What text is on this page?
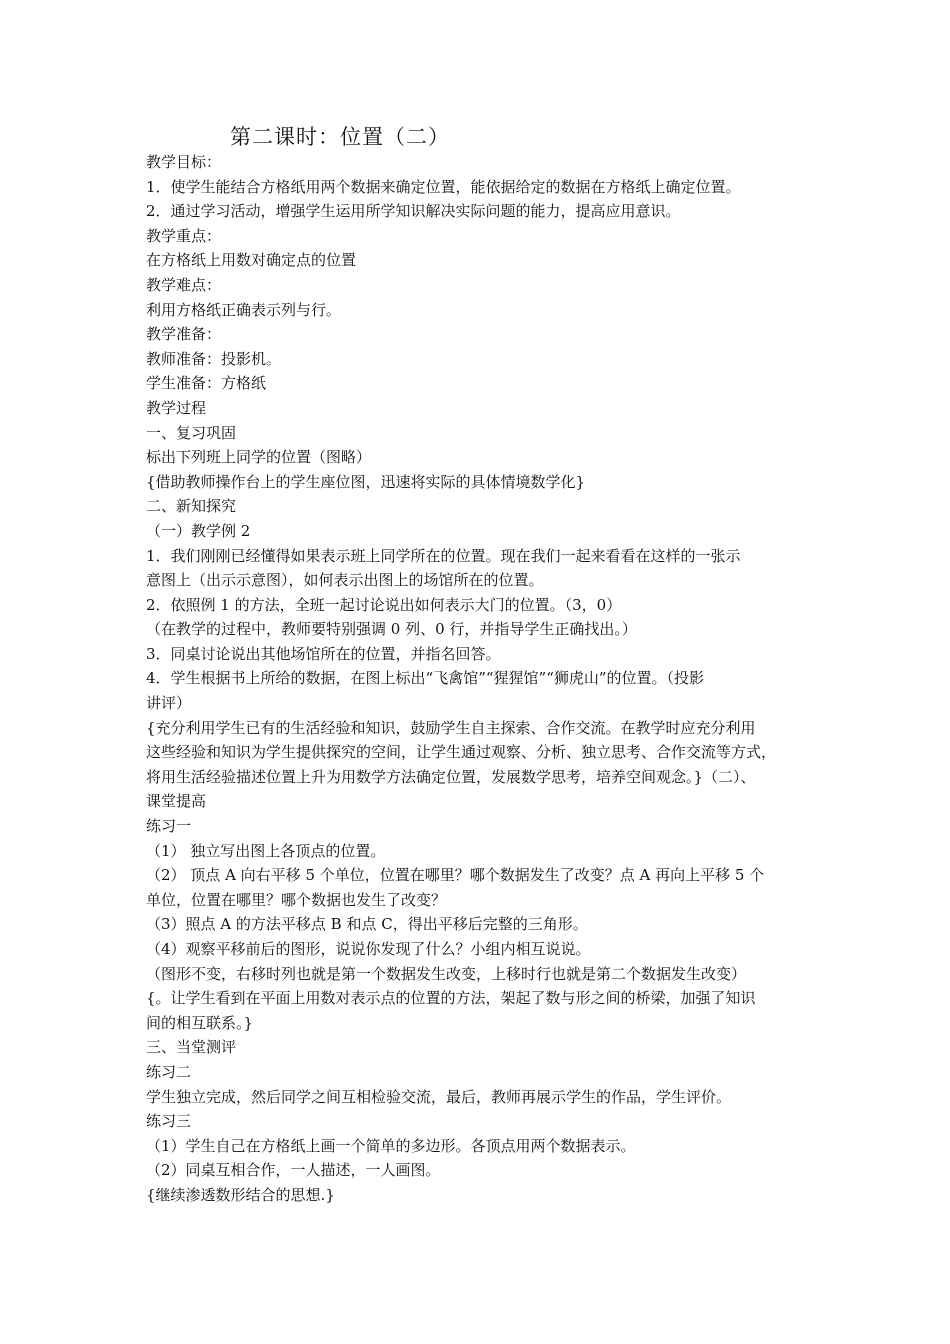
第二课时：位置（二）
教学目标：
1．使学生能结合方格纸用两个数据来确定位置，能依据给定的数据在方格纸上确定位置。
2．通过学习活动，增强学生运用所学知识解决实际问题的能力，提高应用意识。
教学重点：
在方格纸上用数对确定点的位置
教学难点：
利用方格纸正确表示列与行。
教学准备：
教师准备：投影机。
学生准备：方格纸
教学过程
一、复习巩固
标出下列班上同学的位置（图略）
{借助教师操作台上的学生座位图，迅速将实际的具体情境数学化}
二、新知探究
（一）教学例 2
1．我们刚刚已经懂得如果表示班上同学所在的位置。现在我们一起来看看在这样的一张示
意图上（出示示意图），如何表示出图上的场馆所在的位置。
2．依照例 1 的方法，全班一起讨论说出如何表示大门的位置。（3，0）
（在教学的过程中，教师要特别强调 0 列、0 行，并指导学生正确找出。）
3．同桌讨论说出其他场馆所在的位置，并指名回答。
4．学生根据书上所给的数据，在图上标出“飞禽馆”“猩猩馆”“狮虎山”的位置。（投影
讲评）
{充分利用学生已有的生活经验和知识，鼓励学生自主探索、合作交流。在教学时应充分利用
这些经验和知识为学生提供探究的空间，让学生通过观察、分析、独立思考、合作交流等方式，
将用生活经验描述位置上升为用数学方法确定位置，发展数学思考，培养空间观念。}（二）、
课堂提高
练习一
（1） 独立写出图上各顶点的位置。
（2） 顶点 A 向右平移 5 个单位，位置在哪里？哪个数据发生了改变？点 A 再向上平移 5 个
单位，位置在哪里？哪个数据也发生了改变？
（3）照点 A 的方法平移点 B 和点 C，得出平移后完整的三角形。
（4）观察平移前后的图形，说说你发现了什么？小组内相互说说。
（图形不变，右移时列也就是第一个数据发生改变，上移时行也就是第二个数据发生改变）
{。让学生看到在平面上用数对表示点的位置的方法，架起了数与形之间的桥梁，加强了知识
间的相互联系。}
三、当堂测评
练习二
学生独立完成，然后同学之间互相检验交流，最后，教师再展示学生的作品，学生评价。
练习三
（1）学生自己在方格纸上画一个简单的多边形。各顶点用两个数据表示。
（2）同桌互相合作，一人描述，一人画图。
{继续渗透数形结合的思想.}
